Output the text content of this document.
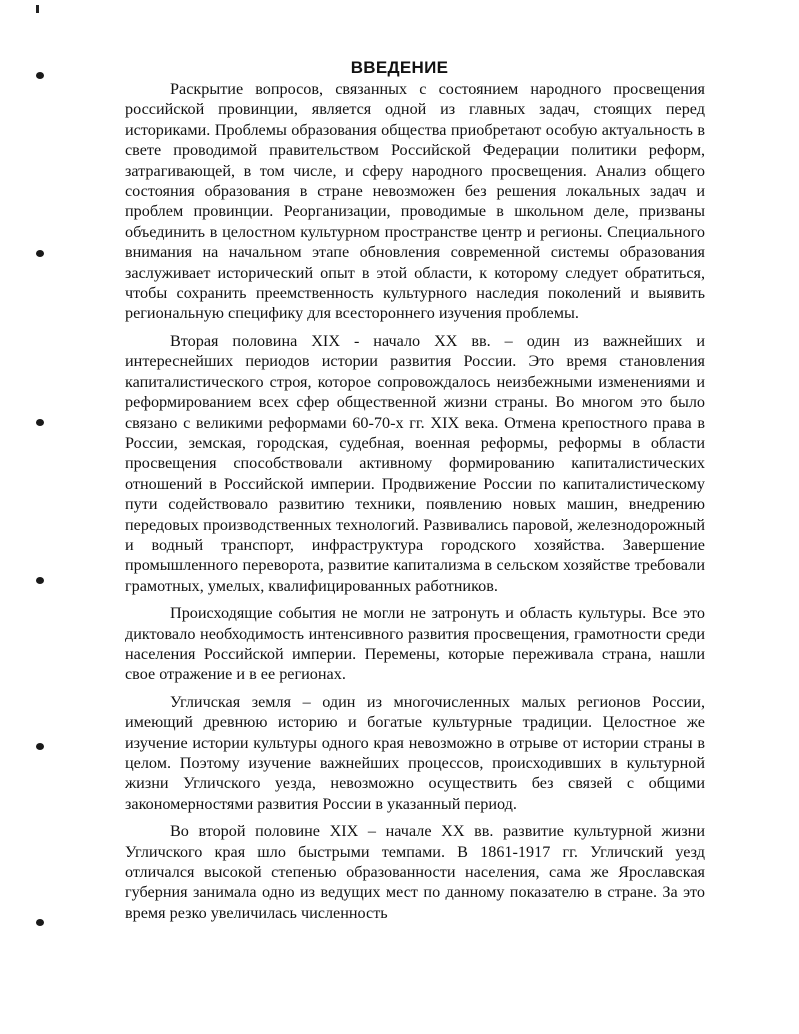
ВВЕДЕНИЕ

Раскрытие вопросов, связанных с состоянием народного просвещения российской провинции, является одной из главных задач, стоящих перед историками. Проблемы образования общества приобретают особую актуальность в свете проводимой правительством Российской Федерации политики реформ, затрагивающей, в том числе, и сферу народного просвещения. Анализ общего состояния образования в стране невозможен без решения локальных задач и проблем провинции. Реорганизации, проводимые в школьном деле, призваны объединить в целостном культурном пространстве центр и регионы. Специального внимания на начальном этапе обновления современной системы образования заслуживает исторический опыт в этой области, к которому следует обратиться, чтобы сохранить преемственность культурного наследия поколений и выявить региональную специфику для всестороннего изучения проблемы.

Вторая половина XIX - начало XX вв. – один из важнейших и интереснейших периодов истории развития России. Это время становления капиталистического строя, которое сопровождалось неизбежными изменениями и реформированием всех сфер общественной жизни страны. Во многом это было связано с великими реформами 60-70-х гг. XIX века. Отмена крепостного права в России, земская, городская, судебная, военная реформы, реформы в области просвещения способствовали активному формированию капиталистических отношений в Российской империи. Продвижение России по капиталистическому пути содействовало развитию техники, появлению новых машин, внедрению передовых производственных технологий. Развивались паровой, железнодорожный и водный транспорт, инфраструктура городского хозяйства. Завершение промышленного переворота, развитие капитализма в сельском хозяйстве требовали грамотных, умелых, квалифицированных работников.

Происходящие события не могли не затронуть и область культуры. Все это диктовало необходимость интенсивного развития просвещения, грамотности среди населения Российской империи. Перемены, которые переживала страна, нашли свое отражение и в ее регионах.

Угличская земля – один из многочисленных малых регионов России, имеющий древнюю историю и богатые культурные традиции. Целостное же изучение истории культуры одного края невозможно в отрыве от истории страны в целом. Поэтому изучение важнейших процессов, происходивших в культурной жизни Угличского уезда, невозможно осуществить без связей с общими закономерностями развития России в указанный период.

Во второй половине XIX – начале XX вв. развитие культурной жизни Угличского края шло быстрыми темпами. В 1861-1917 гг. Угличский уезд отличался высокой степенью образованности населения, сама же Ярославская губерния занимала одно из ведущих мест по данному показателю в стране. За это время резко увеличилась численность
